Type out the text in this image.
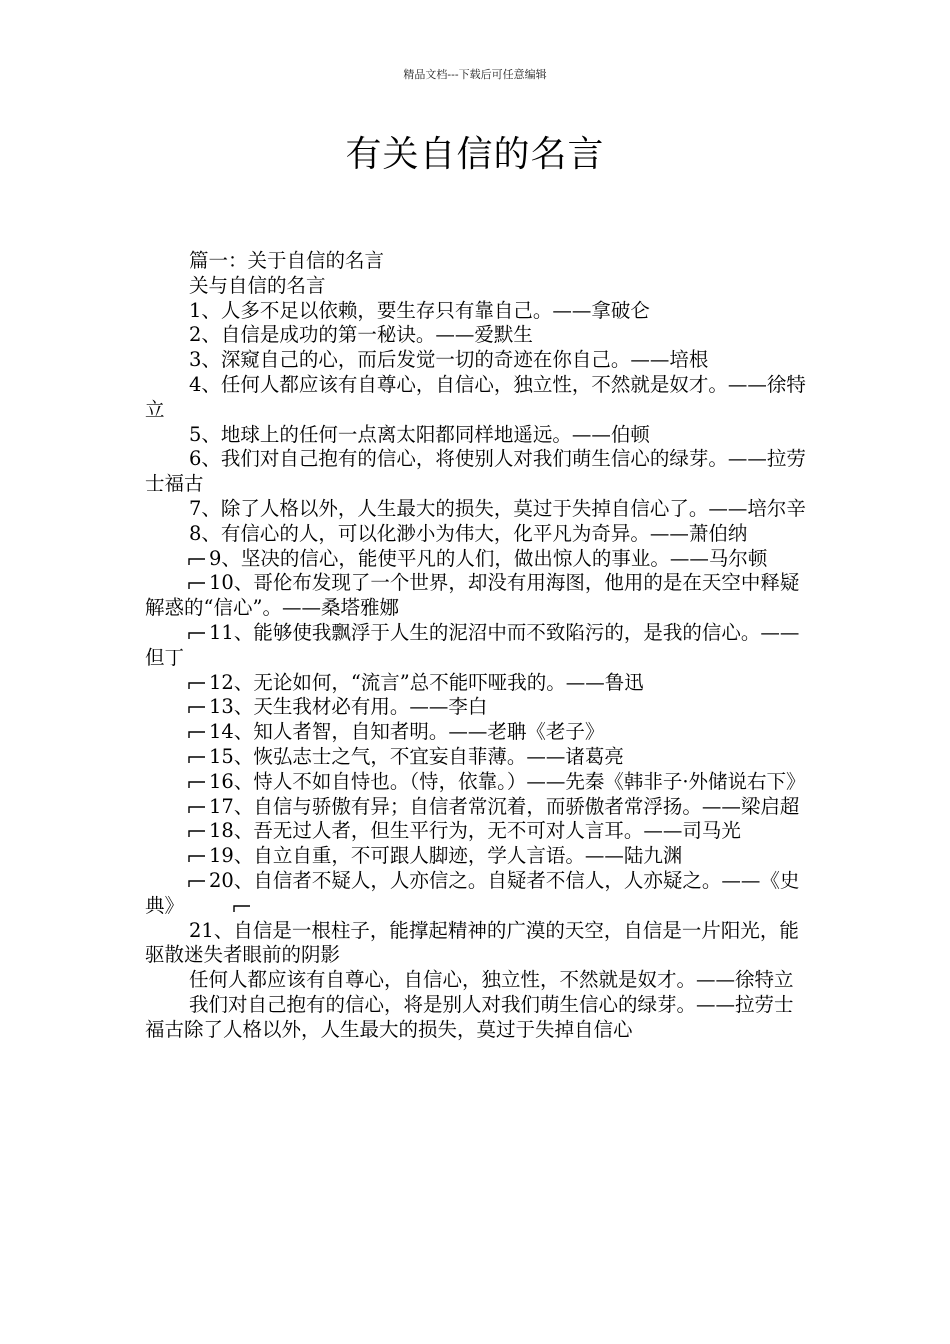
精品文档---下载后可任意编辑
有关自信的名言

篇一：关于自信的名言

关与自信的名言

1、人多不足以依赖，要生存只有靠自己。——拿破仑

2、自信是成功的第一秘诀。——爱默生

3、深窥自己的心，而后发觉一切的奇迹在你自己。——培根

4、任何人都应该有自尊心，自信心，独立性，不然就是奴才。——徐特立

5、地球上的任何一点离太阳都同样地遥远。——伯顿

6、我们对自己抱有的信心，将使别人对我们萌生信心的绿芽。——拉劳士福古

7、除了人格以外，人生最大的损失，莫过于失掉自信心了。——培尔辛

8、有信心的人，可以化渺小为伟大，化平凡为奇异。——萧伯纳

9、坚决的信心，能使平凡的人们，做出惊人的事业。——马尔顿

10、哥伦布发现了一个世界，却没有用海图，他用的是在天空中释疑解惑的“信心”。——桑塔雅娜

11、能够使我飘浮于人生的泥沼中而不致陷污的，是我的信心。——但丁

12、无论如何，“流言”总不能吓哑我的。——鲁迅

13、天生我材必有用。——李白

14、知人者智，自知者明。——老聃《老子》

15、恢弘志士之气，不宜妄自菲薄。——诸葛亮

16、恃人不如自恃也。（恃，依靠。）——先秦《韩非子·外储说右下》

17、自信与骄傲有异；自信者常沉着，而骄傲者常浮扬。——梁启超

18、吾无过人者，但生平行为，无不可对人言耳。——司马光

19、自立自重，不可跟人脚迹，学人言语。——陆九渊

20、自信者不疑人，人亦信之。自疑者不信人，人亦疑之。——《史典》

21、自信是一根柱子，能撑起精神的广漠的天空，自信是一片阳光，能驱散迷失者眼前的阴影

任何人都应该有自尊心，自信心，独立性，不然就是奴才。——徐特立

我们对自己抱有的信心，将是别人对我们萌生信心的绿芽。——拉劳士福古除了人格以外，人生最大的损失，莫过于失掉自信心
